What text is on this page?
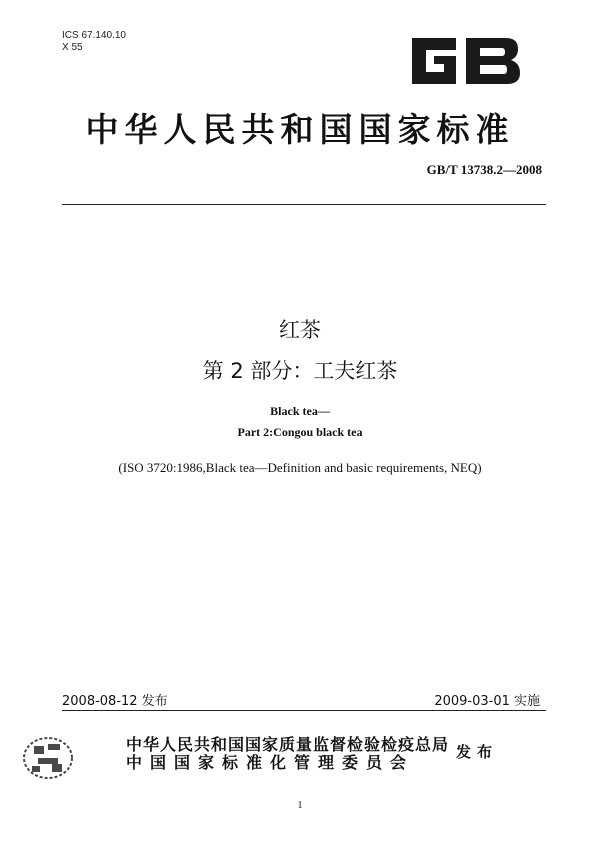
ICS 67.140.10
X 55
中华人民共和国国家标准
GB/T 13738.2—2008
红茶
第 2 部分：工夫红茶
Black tea—
Part 2:Congou black tea
(ISO 3720:1986,Black tea—Definition and basic requirements, NEQ)
2008-08-12 发布	2009-03-01 实施
中华人民共和国国家质量监督检验检疫总局
中国国家标准化管理委员会
发布
1
